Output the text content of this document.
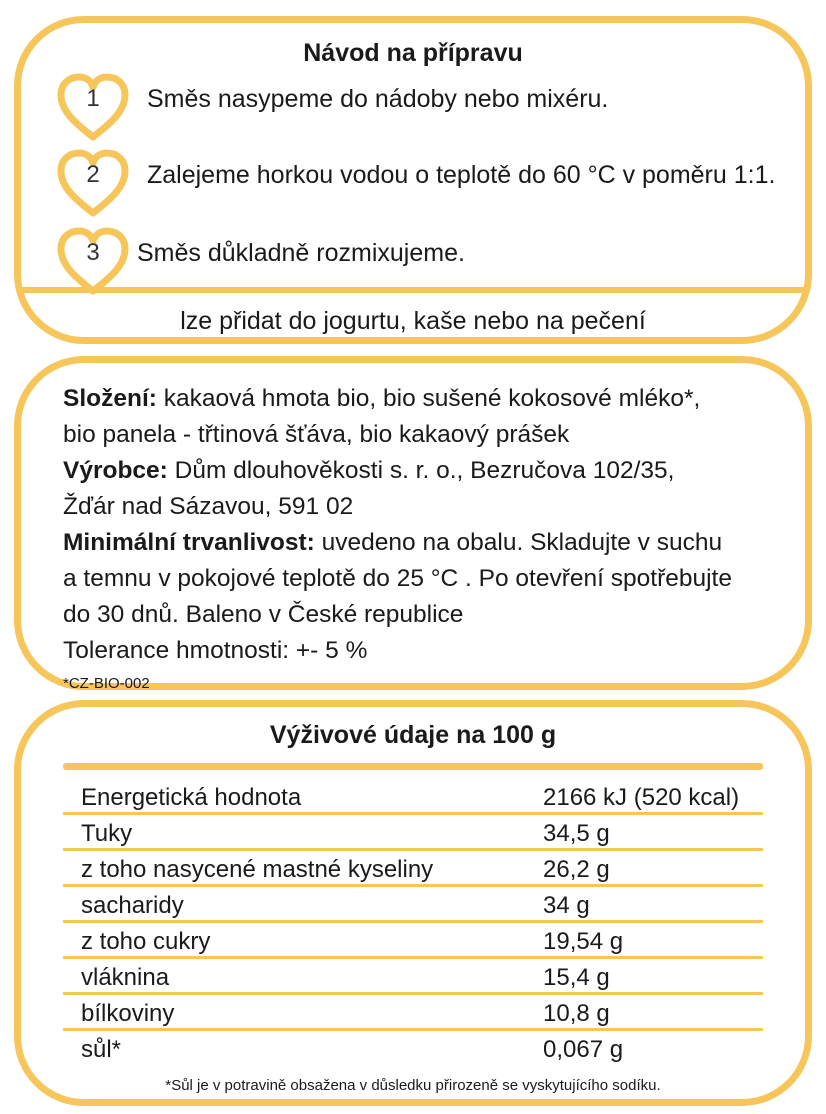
Návod na přípravu
1	Směs nasypeme do nádoby nebo mixéru.
2	Zalejeme horkou vodou o teplotě do 60 °C v poměru 1:1.
3	Směs důkladně rozmixujeme.
lze přidat do jogurtu, kaše nebo na pečení
Složení: kakaová hmota bio, bio sušené kokosové mléko*,
bio panela - třtinová šťáva, bio kakaový prášek
Výrobce: Dům dlouhověkosti s. r. o., Bezručova 102/35,
Žďár nad Sázavou, 591 02
Minimální trvanlivost: uvedeno na obalu. Skladujte v suchu
a temnu v pokojové teplotě do 25 °C . Po otevření spotřebujte
do 30 dnů. Baleno v České republice
Tolerance hmotnosti: +- 5 %
*CZ-BIO-002
Výživové údaje na 100 g
Energetická hodnota	2166 kJ (520 kcal)
Tuky	34,5 g
z toho nasycené mastné kyseliny	26,2 g
sacharidy	34 g
z toho cukry	19,54 g
vláknina	15,4 g
bílkoviny	10,8 g
sůl*	0,067 g
*Sůl je v potravině obsažena v důsledku přirozeně se vyskytujícího sodíku.
